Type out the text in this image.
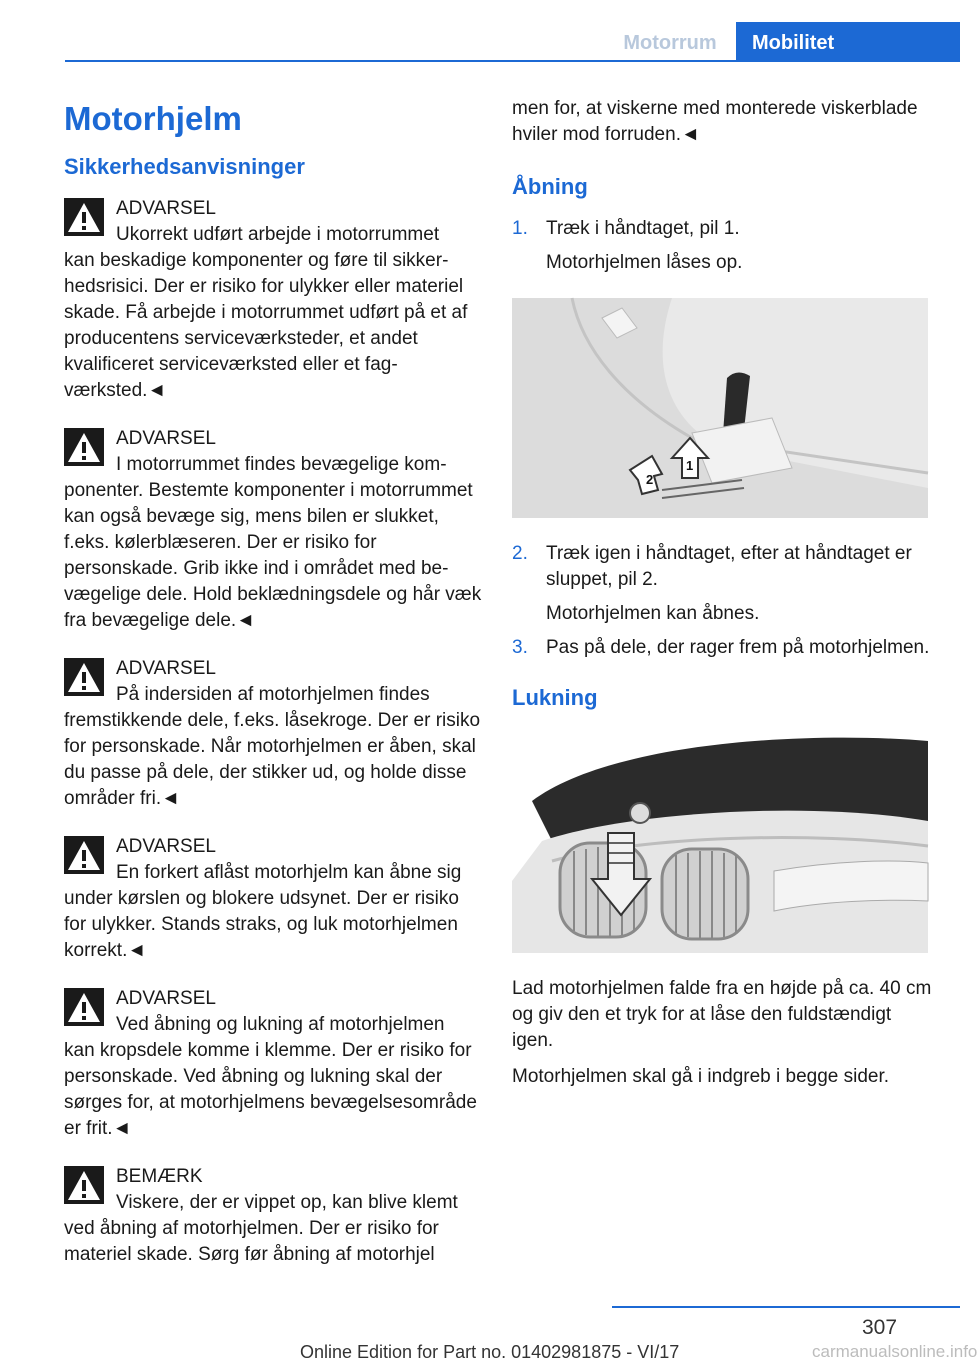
Motorrum	Mobilitet
Motorhjelm
Sikkerhedsanvisninger
ADVARSEL
Ukorrekt udført arbejde i motorrummet
kan beskadige komponenter og føre til sikkerhedsrisici. Der er risiko for ulykker eller materiel skade. Få arbejde i motorrummet udført på et af producentens serviceværksteder, et andet kvalificeret serviceværksted eller et fagværksted.◄
ADVARSEL
I motorrummet findes bevægelige kom-
ponenter. Bestemte komponenter i motorrummet kan også bevæge sig, mens bilen er slukket, f.eks. kølerblæseren. Der er risiko for personskade. Grib ikke ind i området med bevægelige dele. Hold beklædningsdele og hår væk fra bevægelige dele.◄
ADVARSEL
På indersiden af motorhjelmen findes
fremstikkende dele, f.eks. låsekroge. Der er risiko for personskade. Når motorhjelmen er åben, skal du passe på dele, der stikker ud, og holde disse områder fri.◄
ADVARSEL
En forkert aflåst motorhjelm kan åbne sig
under kørslen og blokere udsynet. Der er risiko for ulykker. Stands straks, og luk motorhjelmen korrekt.◄
ADVARSEL
Ved åbning og lukning af motorhjelmen
kan kropsdele komme i klemme. Der er risiko for personskade. Ved åbning og lukning skal der sørges for, at motorhjelmens bevægelsesområde er frit.◄
BEMÆRK
Viskere, der er vippet op, kan blive klemt
ved åbning af motorhjelmen. Der er risiko for materiel skade. Sørg før åbning af motorhjel

men for, at viskerne med monterede viskerblade hviler mod forruden.◄

Åbning
1. Træk i håndtaget, pil 1.
Motorhjelmen låses op.
1
2
2. Træk igen i håndtaget, efter at håndtaget er sluppet, pil 2.
Motorhjelmen kan åbnes.
3. Pas på dele, der rager frem på motorhjelmen.
Lukning

Lad motorhjelmen falde fra en højde på ca. 40 cm og giv den et tryk for at låse den fuldstændigt igen.

Motorhjelmen skal gå i indgreb i begge sider.

307
Online Edition for Part no. 01402981875 - VI/17	carmanualsonline.info
